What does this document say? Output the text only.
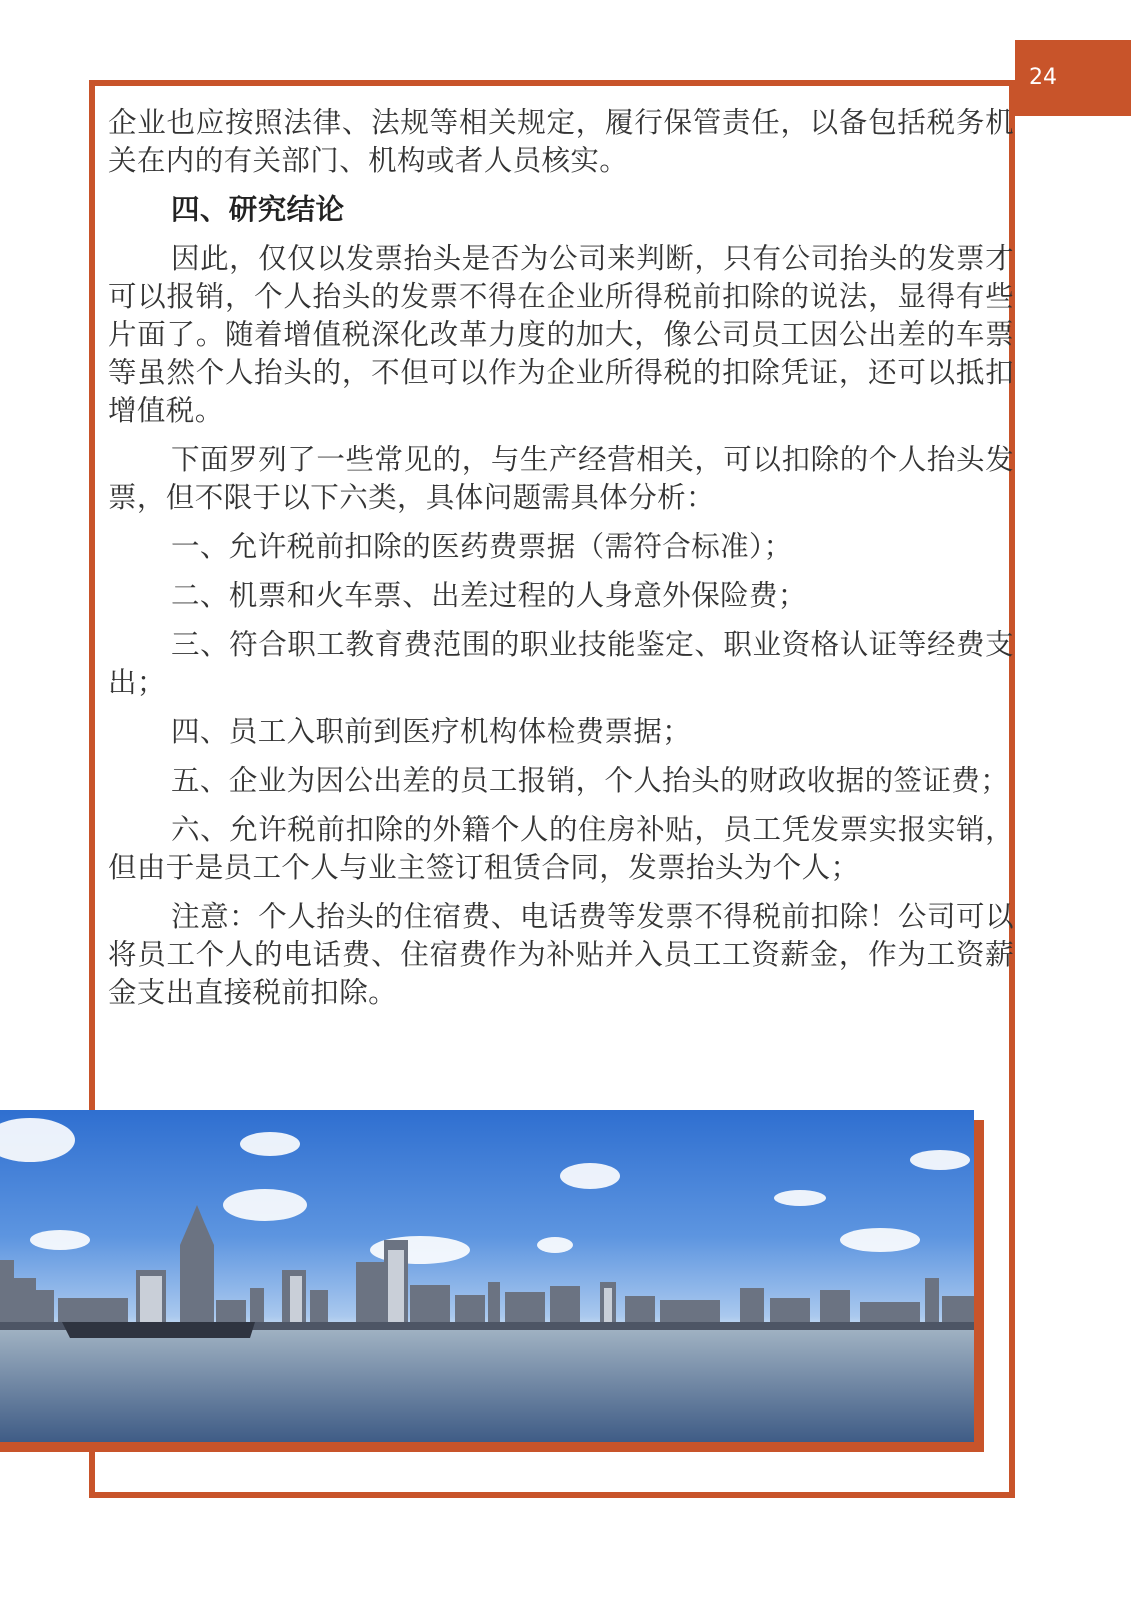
24

企业也应按照法律、法规等相关规定，履行保管责任，以备包括税务机关在内的有关部门、机构或者人员核实。

四、研究结论

因此，仅仅以发票抬头是否为公司来判断，只有公司抬头的发票才可以报销，个人抬头的发票不得在企业所得税前扣除的说法，显得有些片面了。随着增值税深化改革力度的加大，像公司员工因公出差的车票等虽然个人抬头的，不但可以作为企业所得税的扣除凭证，还可以抵扣增值税。

下面罗列了一些常见的，与生产经营相关，可以扣除的个人抬头发票，但不限于以下六类，具体问题需具体分析：

一、允许税前扣除的医药费票据（需符合标准）；

二、机票和火车票、出差过程的人身意外保险费；

三、符合职工教育费范围的职业技能鉴定、职业资格认证等经费支出；

四、员工入职前到医疗机构体检费票据；

五、企业为因公出差的员工报销，个人抬头的财政收据的签证费；

六、允许税前扣除的外籍个人的住房补贴，员工凭发票实报实销，但由于是员工个人与业主签订租赁合同，发票抬头为个人；

注意：个人抬头的住宿费、电话费等发票不得税前扣除！公司可以将员工个人的电话费、住宿费作为补贴并入员工工资薪金，作为工资薪金支出直接税前扣除。
